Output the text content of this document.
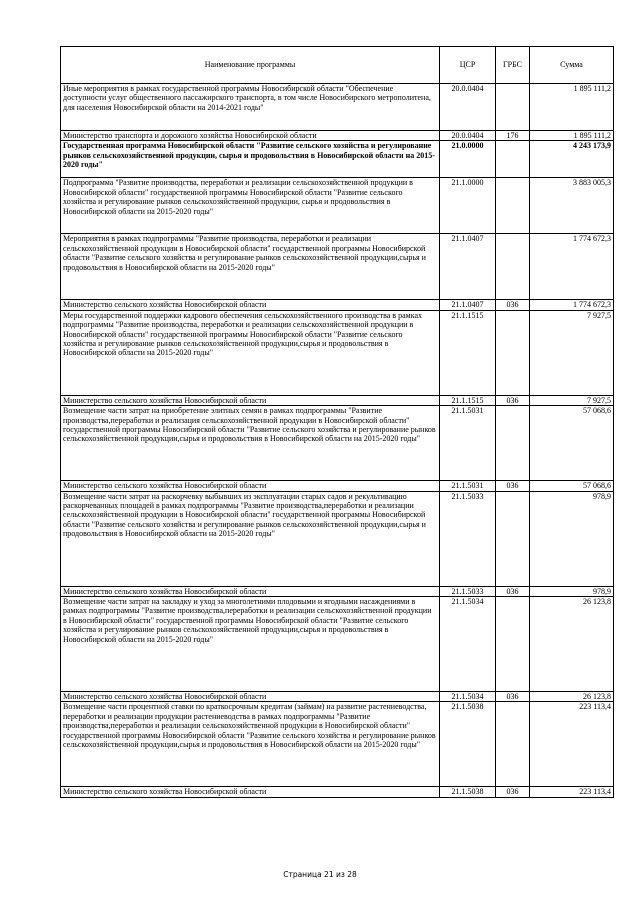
Наименование программы	ЦСР	ГРБС	Сумма
Иные мероприятия в рамках государственной программы Новосибирской области "Обеспечение доступности услуг общественного пассажирского транспорта, в том числе Новосибирского метрополитена, для населения Новосибирской области на 2014-2021 годы"	20.0.0404		1 895 111,2
Министерство транспорта и дорожного хозяйства Новосибирской области	20.0.0404	176	1 895 111,2
Государственная программа Новосибирской области "Развитие сельского хозяйства и регулирование рынков сельскохозяйственной продукции, сырья и продовольствия в Новосибирской области на 2015-2020 годы"	21.0.0000		4 243 173,9
Подпрограмма "Развитие производства, переработки и реализации сельскохозяйственной продукции в Новосибирской области" государственной программы Новосибирской области "Развитие сельского хозяйства и регулирование рынков сельскохозяйственной продукции, сырья и продовольствия в Новосибирской области на 2015-2020 годы"	21.1.0000		3 883 005,3
Мероприятия в рамках подпрограммы "Развитие производства, переработки и реализации сельскохозяйственной продукции в Новосибирской области" государственной программы Новосибирской области "Развитие сельского хозяйства и регулирование рынков сельскохозяйственной продукции,сырья и продовольствия в Новосибирской области на 2015-2020 годы"	21.1.0407		1 774 672,3
Министерство сельского хозяйства Новосибирской области	21.1.0407	036	1 774 672,3
Меры государственной поддержки кадрового обеспечения сельскохозяйственного производства в рамках подпрограммы "Развитие производства, переработки и реализации сельскохозяйственной продукции в Новосибирской области" государственной программы Новосибирской области "Развитие сельского хозяйства и регулирование рынков сельскохозяйственной продукции,сырья и продовольствия в Новосибирской области на 2015-2020 годы"	21.1.1515		7 927,5
Министерство сельского хозяйства Новосибирской области	21.1.1515	036	7 927,5
Возмещение части затрат на приобретение элитных семян в рамках подпрограммы "Развитие производства,переработки и реализация сельскохозяйственной продукции в Новосибирской области" государственной программы Новосибирской области "Развитие сельского хозяйства и регулирование рынков сельскохозяйственной продукции,сырья и продовольствия в Новосибирской области на 2015-2020 годы"	21.1.5031		57 068,6
Министерство сельского хозяйства Новосибирской области	21.1.5031	036	57 068,6
Возмещение части затрат на раскорчевку выбывших из эксплуатации старых садов и рекультивацию раскорчеванных площадей в рамках подпрограммы "Развитие производства,переработки и реализации сельскохозяйственной продукции в Новосибирской области" государственной программы Новосибирской области "Развитие сельского хозяйства и регулирование рынков сельскохозяйственной продукции,сырья и продовольствия в Новосибирской области на 2015-2020 годы"	21.1.5033		978,9
Министерство сельского хозяйства Новосибирской области	21.1.5033	036	978,9
Возмещение части затрат на закладку и уход за многолетними плодовыми и ягодными насаждениями в рамках подпрограммы "Развитие производства,переработки и реализации сельскохозяйственной продукции в Новосибирской области" государственной программы Новосибирской области "Развитие сельского хозяйства и регулирование рынков сельскохозяйственной продукции,сырья и продовольствия в Новосибирской области на 2015-2020 годы"	21.1.5034		26 123,8
Министерство сельского хозяйства Новосибирской области	21.1.5034	036	26 123,8
Возмещение части процентной ставки по краткосрочным кредитам (займам) на развитие растениеводства, переработки и реализации продукции растениеводства в рамках подпрограммы "Развитие производства,переработки и реализации сельскохозяйственной продукции в Новосибирской области" государственной программы Новосибирской области "Развитие сельского хозяйства и регулирование рынков сельскохозяйственной продукции,сырья и продовольствия в Новосибирской области на 2015-2020 годы"	21.1.5038		223 113,4
Министерство сельского хозяйства Новосибирской области	21.1.5038	036	223 113,4
Страница 21 из 28
